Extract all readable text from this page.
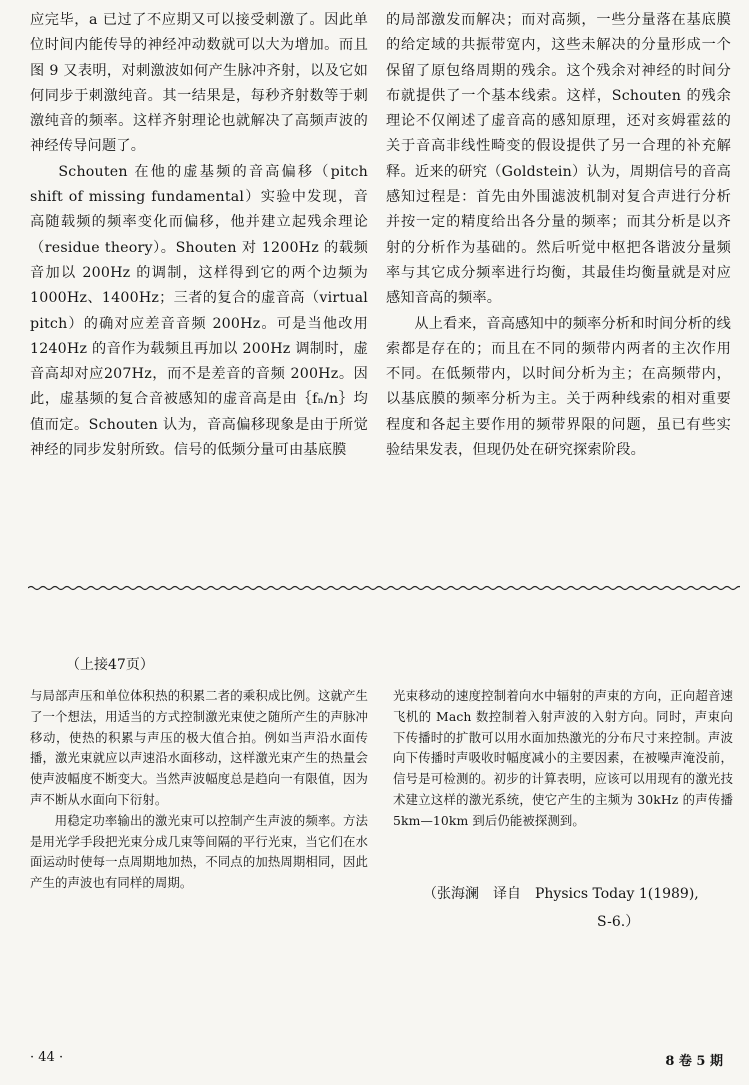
应完毕，a 已过了不应期又可以接受刺激了。因此单位时间内能传导的神经冲动数就可以大为增加。而且图 9 又表明，对刺激波如何产生脉冲齐射，以及它如何同步于刺激纯音。其一结果是，每秒齐射数等于刺激纯音的频率。这样齐射理论也就解决了高频声波的神经传导问题了。

Schouten 在他的虚基频的音高偏移（pitch shift of missing fundamental）实验中发现，音高随载频的频率变化而偏移，他并建立起残余理论（residue theory）。Shouten 对 1200Hz 的载频音加以 200Hz 的调制，这样得到它的两个边频为 1000Hz、1400Hz；三者的复合的虚音高（virtual pitch）的确对应差音音频 200Hz。可是当他改用 1240Hz 的音作为载频且再加以 200Hz 调制时，虚音高却对应207Hz，而不是差音的音频 200Hz。因此，虚基频的复合音被感知的虚音高是由｛fₙ/n｝均值而定。Schouten 认为，音高偏移现象是由于所觉神经的同步发射所致。信号的低频分量可由基底膜

的局部激发而解决；而对高频，一些分量落在基底膜的给定域的共振带宽内，这些未解决的分量形成一个保留了原包络周期的残余。这个残余对神经的时间分布就提供了一个基本线索。这样，Schouten 的残余理论不仅阐述了虚音高的感知原理，还对亥姆霍兹的关于音高非线性畸变的假设提供了另一合理的补充解释。近来的研究（Goldstein）认为，周期信号的音高感知过程是：首先由外围滤波机制对复合声进行分析并按一定的精度给出各分量的频率；而其分析是以齐射的分析作为基础的。然后听觉中枢把各谐波分量频率与其它成分频率进行均衡，其最佳均衡量就是对应感知音高的频率。

从上看来，音高感知中的频率分析和时间分析的线索都是存在的；而且在不同的频带内两者的主次作用不同。在低频带内，以时间分析为主；在高频带内，以基底膜的频率分析为主。关于两种线索的相对重要程度和各起主要作用的频带界限的问题，虽已有些实验结果发表，但现仍处在研究探索阶段。

（上接47页）

与局部声压和单位体积热的积累二者的乘积成比例。这就产生了一个想法，用适当的方式控制激光束使之随所产生的声脉冲移动，使热的积累与声压的极大值合拍。例如当声沿水面传播，激光束就应以声速沿水面移动，这样激光束产生的热量会使声波幅度不断变大。当然声波幅度总是趋向一有限值，因为声不断从水面向下衍射。

用稳定功率输出的激光束可以控制产生声波的频率。方法是用光学手段把光束分成几束等间隔的平行光束，当它们在水面运动时使每一点周期地加热，不同点的加热周期相同，因此产生的声波也有同样的周期。

光束移动的速度控制着向水中辐射的声束的方向，正向超音速飞机的 Mach 数控制着入射声波的入射方向。同时，声束向下传播时的扩散可以用水面加热激光的分布尺寸来控制。声波向下传播时声吸收时幅度减小的主要因素，在被噪声淹没前，信号是可检测的。初步的计算表明，应该可以用现有的激光技术建立这样的激光系统，使它产生的主频为 30kHz 的声传播 5km—10km 到后仍能被探测到。

（张海澜　译自　Physics Today 1(1989),
S-6.）
· 44 ·	8 卷 5 期
